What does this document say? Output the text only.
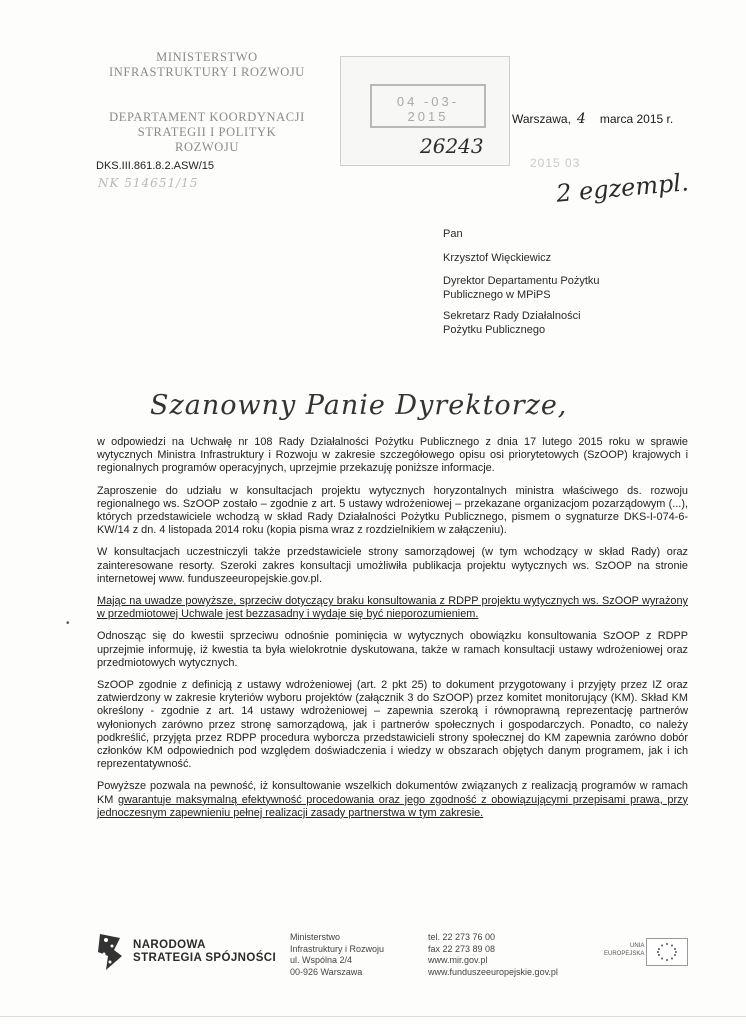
MINISTERSTWO
INFRASTRUKTURY I ROZWOJU
DEPARTAMENT KOORDYNACJI
STRATEGII I POLITYK
ROZWOJU
DKS.III.861.8.2.ASW/15
NK 514651/15
04 -03- 2015
26243
2015 03
Warszawa, 4 marca 2015 r.
2 egzempl.

Pan

Krzysztof Więckiewicz

Dyrektor Departamentu Pożytku Publicznego w MPiPS

Sekretarz Rady Działalności Pożytku Publicznego

Szanowny Panie Dyrektorze,

w odpowiedzi na Uchwałę nr 108 Rady Działalności Pożytku Publicznego z dnia 17 lutego 2015 roku w sprawie wytycznych Ministra Infrastruktury i Rozwoju w zakresie szczegółowego opisu osi priorytetowych (SzOOP) krajowych i regionalnych programów operacyjnych, uprzejmie przekazuję poniższe informacje.

Zaproszenie do udziału w konsultacjach projektu wytycznych horyzontalnych ministra właściwego ds. rozwoju regionalnego ws. SzOOP zostało – zgodnie z art. 5 ustawy wdrożeniowej – przekazane organizacjom pozarządowym (...), których przedstawiciele wchodzą w skład Rady Działalności Pożytku Publicznego, pismem o sygnaturze DKS-I-074-6-KW/14 z dn. 4 listopada 2014 roku (kopia pisma wraz z rozdzielnikiem w załączeniu).

W konsultacjach uczestniczyli także przedstawiciele strony samorządowej (w tym wchodzący w skład Rady) oraz zainteresowane resorty. Szeroki zakres konsultacji umożliwiła publikacja projektu wytycznych ws. SzOOP na stronie internetowej www. funduszeeuropejskie.gov.pl.

Mając na uwadze powyższe, sprzeciw dotyczący braku konsultowania z RDPP projektu wytycznych ws. SzOOP wyrażony w przedmiotowej Uchwale jest bezzasadny i wydaje się być nieporozumieniem.

Odnosząc się do kwestii sprzeciwu odnośnie pominięcia w wytycznych obowiązku konsultowania SzOOP z RDPP uprzejmie informuję, iż kwestia ta była wielokrotnie dyskutowana, także w ramach konsultacji ustawy wdrożeniowej oraz przedmiotowych wytycznych.

SzOOP zgodnie z definicją z ustawy wdrożeniowej (art. 2 pkt 25) to dokument przygotowany i przyjęty przez IZ oraz zatwierdzony w zakresie kryteriów wyboru projektów (załącznik 3 do SzOOP) przez komitet monitorujący (KM). Skład KM określony - zgodnie z art. 14 ustawy wdrożeniowej – zapewnia szeroką i równoprawną reprezentację partnerów wyłonionych zarówno przez stronę samorządową, jak i partnerów społecznych i gospodarczych. Ponadto, co należy podkreślić, przyjęta przez RDPP procedura wyborcza przedstawicieli strony społecznej do KM zapewnia zarówno dobór członków KM odpowiednich pod względem doświadczenia i wiedzy w obszarach objętych danym programem, jak i ich reprezentatywność.

Powyższe pozwala na pewność, iż konsultowanie wszelkich dokumentów związanych z realizacją programów w ramach KM gwarantuje maksymalną efektywność procedowania oraz jego zgodność z obowiązującymi przepisami prawa, przy jednoczesnym zapewnieniu pełnej realizacji zasady partnerstwa w tym zakresie.

•
NARODOWA
STRATEGIA SPÓJNOŚCI
Ministerstwo
Infrastruktury i Rozwoju
ul. Wspólna 2/4
00-926 Warszawa
tel. 22 273 76 00
fax 22 273 89 08
www.mir.gov.pl
www.funduszeeuropejskie.gov.pl
UNIA
EUROPEJSKA
